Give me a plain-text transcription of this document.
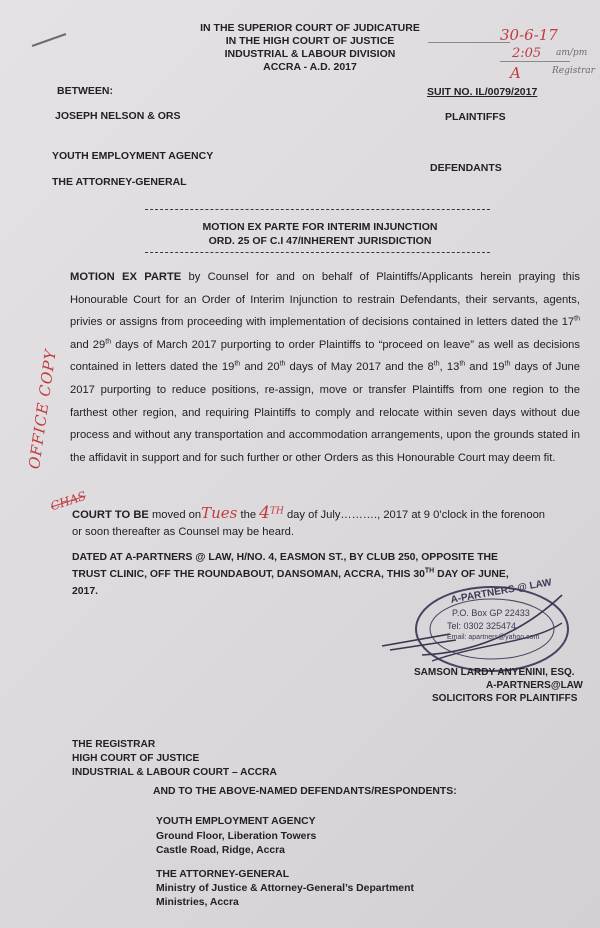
IN THE SUPERIOR COURT OF JUDICATURE
IN THE HIGH COURT OF JUSTICE
INDUSTRIAL & LABOUR DIVISION
ACCRA - A.D. 2017
30-6-17
2:05 am/pm
A	Registrar
SUIT NO. IL/0079/2017
BETWEEN:
JOSEPH NELSON & ORS	PLAINTIFFS
YOUTH EMPLOYMENT AGENCY
DEFENDANTS
THE ATTORNEY-GENERAL
MOTION EX PARTE FOR INTERIM INJUNCTION
ORD. 25 OF C.I 47/INHERENT JURISDICTION

MOTION EX PARTE by Counsel for and on behalf of Plaintiffs/Applicants herein praying this Honourable Court for an Order of Interim Injunction to restrain Defendants, their servants, agents, privies or assigns from proceeding with implementation of decisions contained in letters dated the 17th and 29th days of March 2017 purporting to order Plaintiffs to “proceed on leave” as well as decisions contained in letters dated the 19th and 20th days of May 2017 and the 8th, 13th and 19th days of June 2017 purporting to reduce positions, re-assign, move or transfer Plaintiffs from one region to the farthest other region, and requiring Plaintiffs to comply and relocate within seven days without due process and without any transportation and accommodation arrangements, upon the grounds stated in the affidavit in support and for such further or other Orders as this Honourable Court may deem fit.

OFFICE COPY
CHAS
COURT TO BE moved onTues the 4TH day of July………., 2017 at 9 0’clock in the forenoon
or soon thereafter as Counsel may be heard.
DATED AT A-PARTNERS @ LAW, H/NO. 4, EASMON ST., BY CLUB 250, OPPOSITE THE
TRUST CLINIC, OFF THE ROUNDABOUT, DANSOMAN, ACCRA, THIS 30TH DAY OF JUNE,
2017.	A-PARTNERS @ LAW
P.O. Box GP 22433
Tel: 0302 325474
Email: apartners@yahoo.com
SAMSON LARDY ANYENINI, ESQ.
A-PARTNERS@LAW
SOLICITORS FOR PLAINTIFFS
THE REGISTRAR
HIGH COURT OF JUSTICE
INDUSTRIAL & LABOUR COURT – ACCRA
AND TO THE ABOVE-NAMED DEFENDANTS/RESPONDENTS:
YOUTH EMPLOYMENT AGENCY
Ground Floor, Liberation Towers
Castle Road, Ridge, Accra
THE ATTORNEY-GENERAL
Ministry of Justice & Attorney-General’s Department
Ministries, Accra
